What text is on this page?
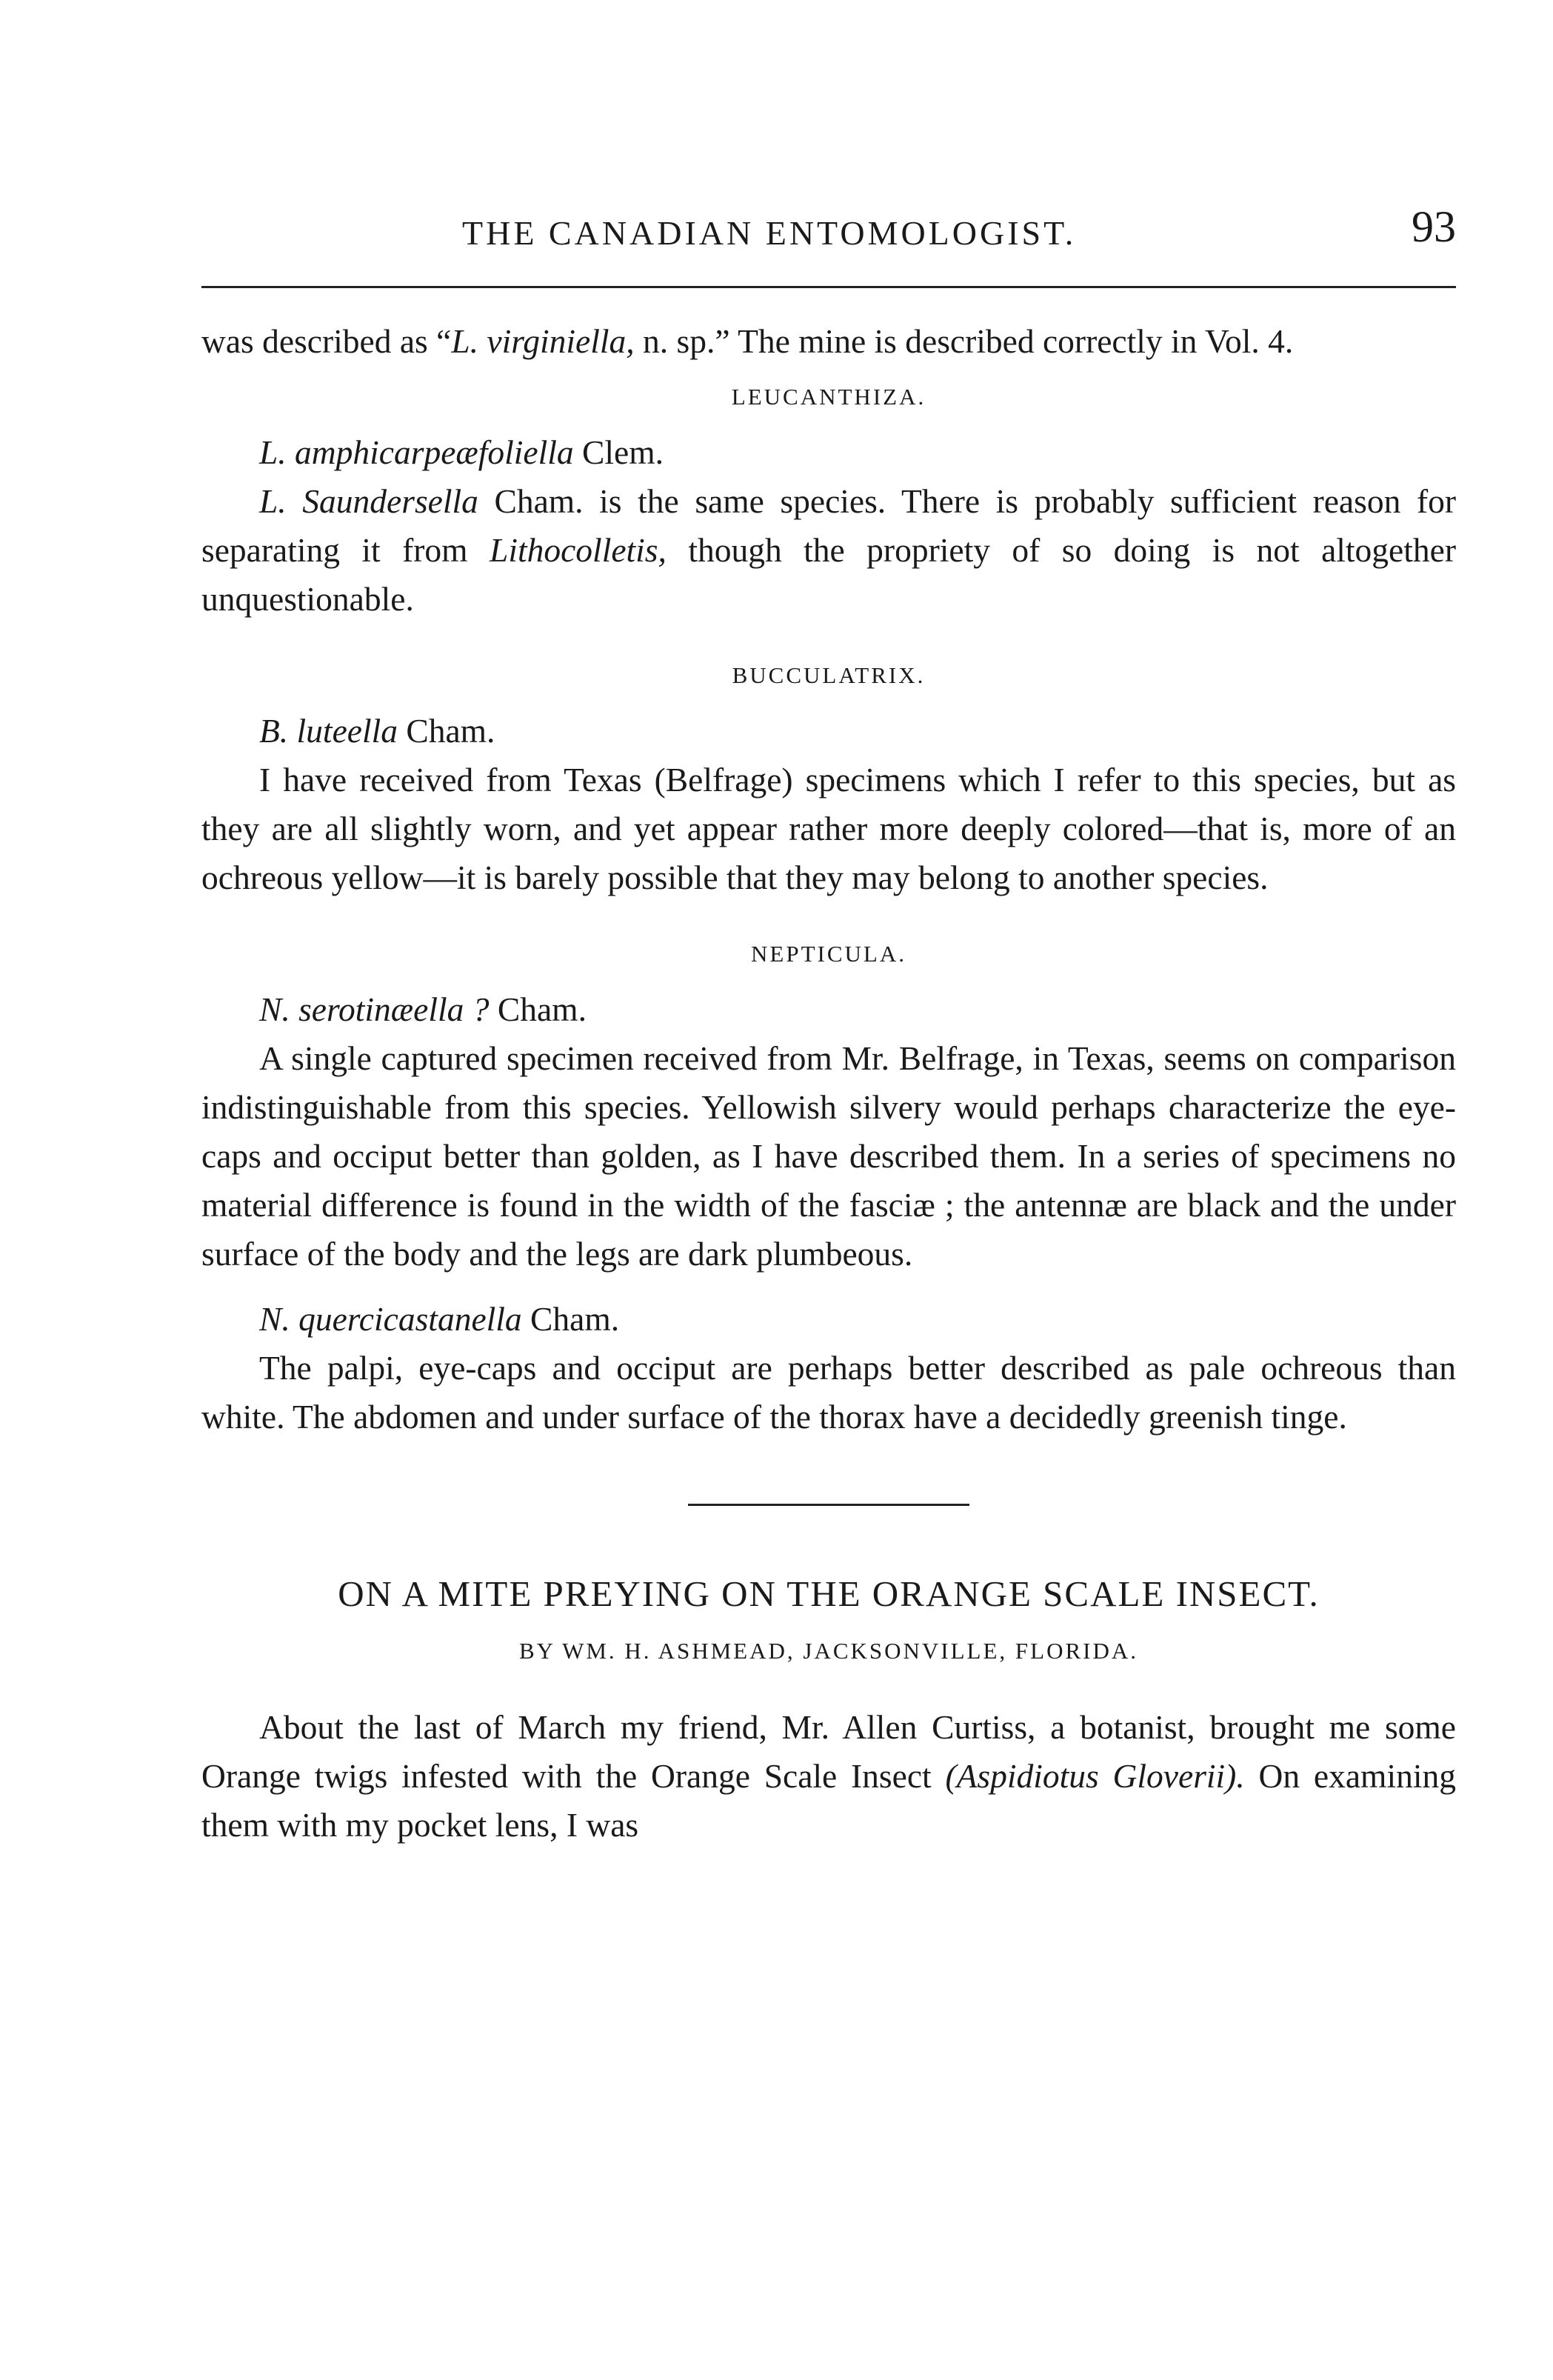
THE CANADIAN ENTOMOLOGIST.	93

was described as “L. virginiella, n. sp.” The mine is described correctly in Vol. 4.

LEUCANTHIZA.

L. amphicarpeæfoliella Clem.

L. Saundersella Cham. is the same species. There is probably sufficient reason for separating it from Lithocolletis, though the propriety of so doing is not altogether unquestionable.

BUCCULATRIX.

B. luteella Cham.

I have received from Texas (Belfrage) specimens which I refer to this species, but as they are all slightly worn, and yet appear rather more deeply colored—that is, more of an ochreous yellow—it is barely possible that they may belong to another species.

NEPTICULA.

N. serotinæella ? Cham.

A single captured specimen received from Mr. Belfrage, in Texas, seems on comparison indistinguishable from this species. Yellowish silvery would perhaps characterize the eye-caps and occiput better than golden, as I have described them. In a series of specimens no material difference is found in the width of the fasciæ ; the antennæ are black and the under surface of the body and the legs are dark plumbeous.

N. quercicastanella Cham.

The palpi, eye-caps and occiput are perhaps better described as pale ochreous than white. The abdomen and under surface of the thorax have a decidedly greenish tinge.

ON A MITE PREYING ON THE ORANGE SCALE INSECT.
BY WM. H. ASHMEAD, JACKSONVILLE, FLORIDA.

About the last of March my friend, Mr. Allen Curtiss, a botanist, brought me some Orange twigs infested with the Orange Scale Insect (Aspidiotus Gloverii). On examining them with my pocket lens, I was
